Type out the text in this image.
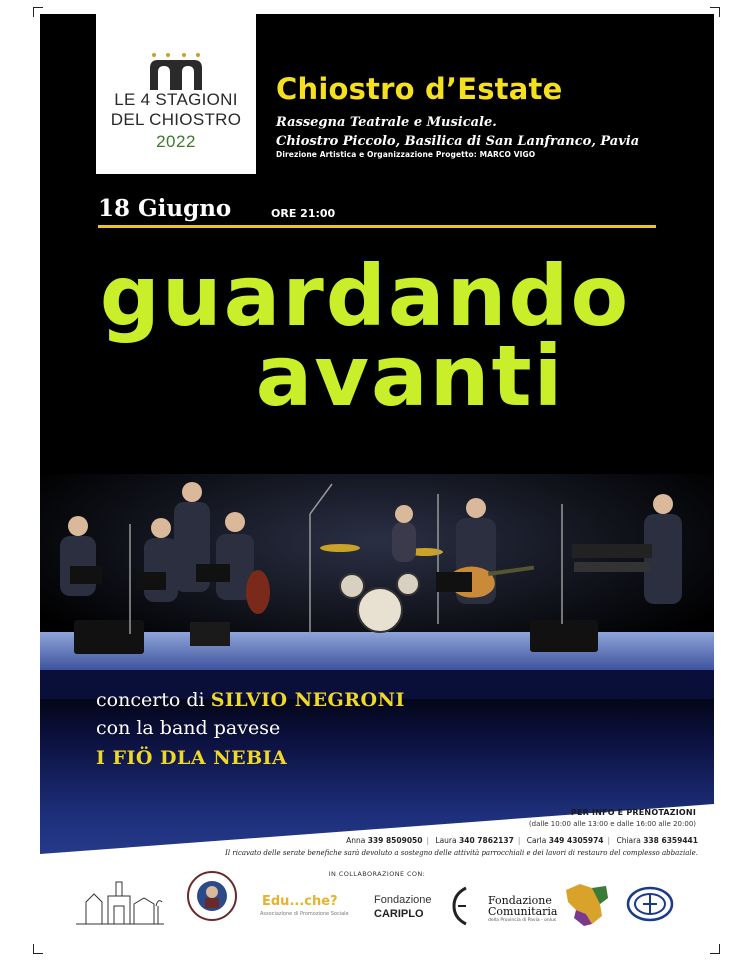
LE 4 STAGIONI
DEL CHIOSTRO
2022
Chiostro d’Estate
Rassegna Teatrale e Musicale.
Chiostro Piccolo, Basilica di San Lanfranco, Pavia
Direzione Artistica e Organizzazione Progetto: MARCO VIGO
18 Giugno	ORE 21:00
guardando
avanti
concerto di SILVIO NEGRONI
con la band pavese
I FIÖ DLA NEBIA
PER INFO E PRENOTAZIONI
(dalle 10:00 alle 13:00 e dalle 16:00 alle 20:00)
Anna 339 8509050 | Laura 340 7862137 | Carla 349 4305974 | Chiara 338 6359441
Il ricavato delle serate benefiche sarà devoluto a sostegno delle attività parrocchiali e dei lavori di restauro del complesso abbaziale.
IN COLLABORAZIONE CON:
Edu...che?
Associazione di Promozione Sociale
Fondazione
CARIPLO
Fondazione
Comunitaria
della Provincia di Pavia - onlus
